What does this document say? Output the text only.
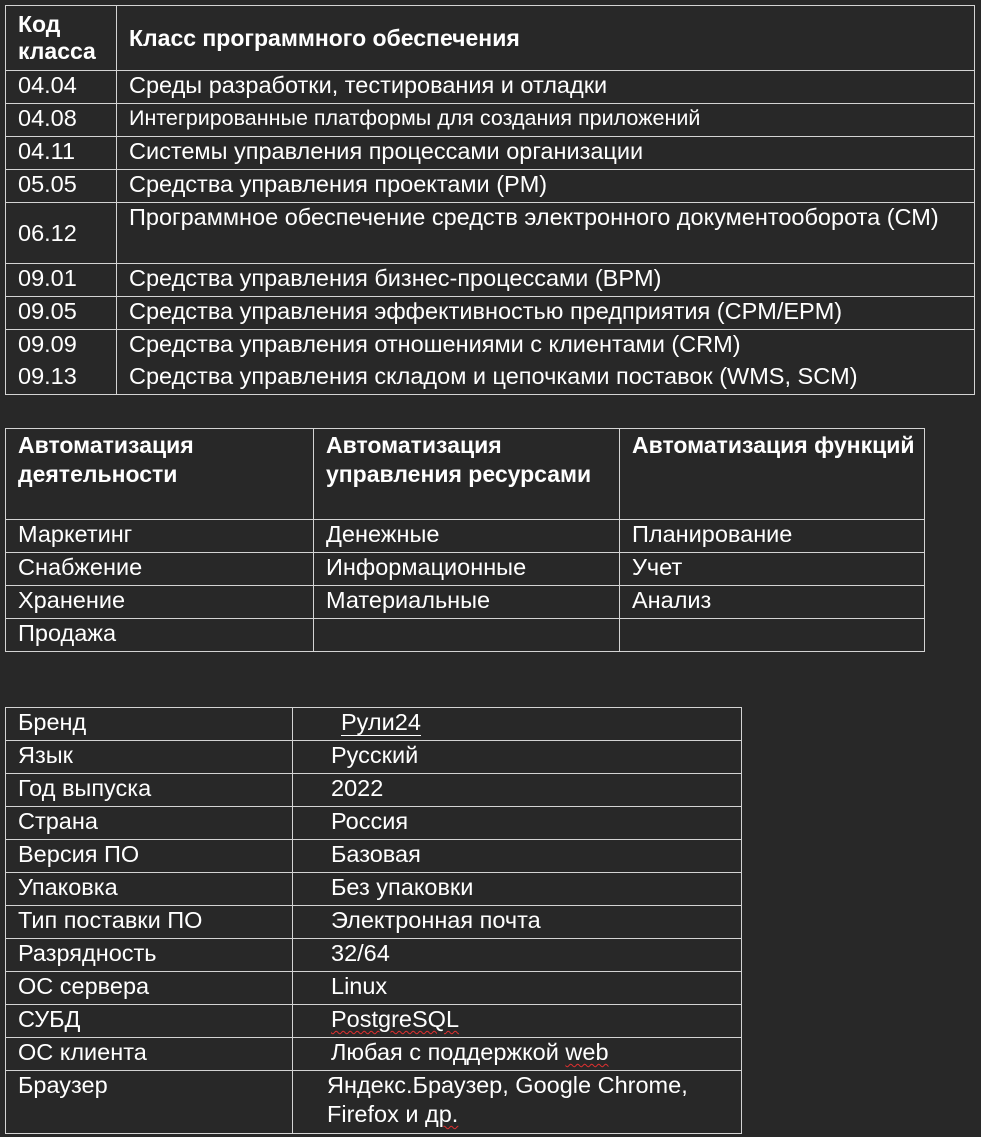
Код класса	Класс программного обеспечения
04.04	Среды разработки, тестирования и отладки
04.08	Интегрированные платформы для создания приложений
04.11	Системы управления процессами организации
05.05	Средства управления проектами (PM)
06.12	Программное обеспечение средств электронного документооборота (СМ)
09.01	Средства управления бизнес-процессами (BPM)
09.05	Средства управления эффективностью предприятия (CPM/EPM)
09.09	Средства управления отношениями с клиентами (CRM)
09.13	Средства управления складом и цепочками поставок (WMS, SCM)
Автоматизация деятельности	Автоматизация управления ресурсами	Автоматизация функций
Маркетинг	Денежные	Планирование
Снабжение	Информационные	Учет
Хранение	Материальные	Анализ
Продажа		
Бренд	Рули24
Язык	Русский
Год выпуска	2022
Страна	Россия
Версия ПО	Базовая
Упаковка	Без упаковки
Тип поставки ПО	Электронная почта
Разрядность	32/64
ОС сервера	Linux
СУБД	PostgreSQL
ОС клиента	Любая с поддержкой web
Браузер	Яндекс.Браузер, Google Chrome,
Firefox и др.
